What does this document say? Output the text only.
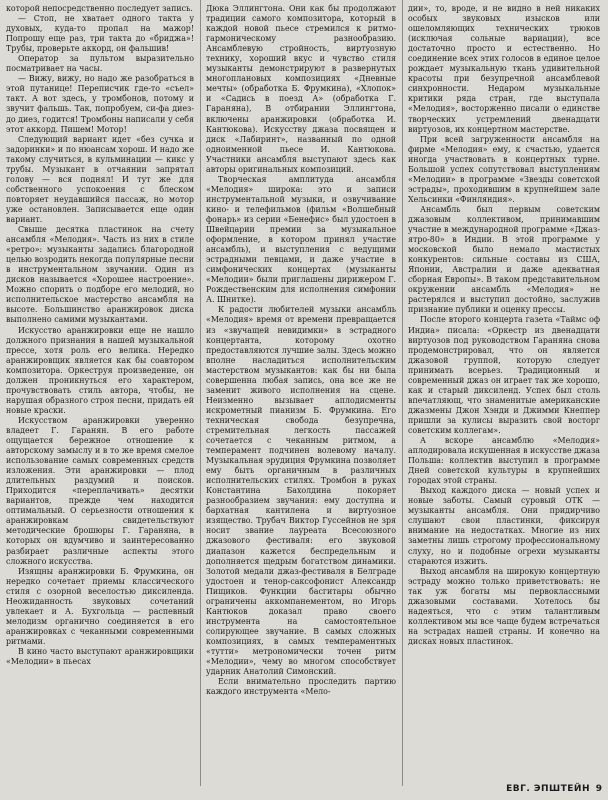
которой непосредственно последует запись.

— Стоп, не хватает одного такта у духовых, куда-то пропал на мажор! Попрошу еще раз, три такта до «бриджа»! Трубы, проверьте аккорд, он фальшив!

Оператор за пультом выразительно посматривает на часы.

— Вижу, вижу, но надо же разобраться в этой путанице! Переписчик где-то «съел» такт. А вот здесь, у тромбонов, потому и звучит фальшь. Так, попробуем, си-фа диез-до диез, годится! Тромбоны написали у себя этот аккорд. Пишем! Мотор!

Следующий вариант идет «без сучка и задоринки» и по нюансам хорош. И надо же такому случиться, в кульминации — кикс у трубы. Музыкант в отчаянии запрятал голову — вся поднял! И тут же для собственного успокоения с блеском повторяет неудавшийся пассаж, но мотор уже остановлен. Записывается еще один вариант.

Свыше десятка пластинок на счету ансамбля «Мелодия». Часть из них в стиле «ретро»: музыканты задались благородной целью возродить некогда популярные песни в инструментальном звучании. Один из дисков называется «Хорошее настроение». Можно спорить о подборе его мелодий, но исполнительское мастерство ансамбля на высоте. Большинство аранжировок диска выполнено самими музыкантами.

Искусство аранжировки еще не нашло должного признания в нашей музыкальной прессе, хотя роль его велика. Нередко аранжировщик является как бы соавтором композитора. Оркеструя произведение, он должен проникнуться его характером, прочувствовать стиль автора, чтобы, не нарушая образного строя песни, придать ей новые краски.

Искусством аранжировки уверенно владеет Г. Гаранян. В его работе ощущается бережное отношение к авторскому замыслу и в то же время смелое использование самых современных средств изложения. Эти аранжировки — плод длительных раздумий и поисков. Приходится «переплачивать» десятки вариантов, прежде чем находится оптимальный. О серьезности отношения к аранжировкам свидетельствуют методические брошюры Г. Гараняна, в которых он вдумчиво и заинтересованно разбирает различные аспекты этого сложного искусства.

Изящны аранжировки Б. Фрумкина, он нередко сочетает приемы классического стиля с озорной веселостью диксиленда. Неожиданность звуковых сочетаний увлекает и А. Бухгольца — рaспевный мелодизм органично соединяется в его аранжировках с чеканными современными ритмами.

В кино часто выступают аранжировщики «Мелодии» в пьесах

Дюка Эллингтона. Они как бы продолжают традиции самого композитора, который в каждой новой пьесе стремился к ритмо-гармоническому разнообразию. Ансамблевую стройность, виртуозную технику, хороший вкус и чувство стиля музыканты демонстрируют в развернутых многоплановых композициях «Дневные мечты» (обработка Б. Фрумкина), «Хлопок» и «Садись в поезд А» (обработка Г. Гараняна), В отбирании Эллингтона, включены аранжировки (обработка И. Кантюкова). Искусству джаза посвящен и диск «Лабиринт», названный по одной одноименной пьесе И. Кантюкова. Участники ансамбля выступают здесь как авторы оригинальных композиций.

Творческая амплитуда ансамбля «Мелодия» широка: это и записи инструментальной музыки, и озвучивание кино- и телефильмов (фильм «Волшебный фонарь» из серии «Бенефис» был удостоен в Швейцарии премии за музыкальное оформление, в котором принял участие ансамбль), и выступления с ведущими эстрадными певцами, и даже участие в симфонических концертах (музыканты «Мелодии» были приглашены дирижером Г. Рождественским для исполнения симфонии А. Шнитке).

К радости любителей музыки ансамбль «Мелодия» время от времени превращается из «звучащей невидимки» в эстрадного концертанта, которому охотно предоставляются лучшие залы. Здесь можно вполне насладиться исполнительским мастерством музыкантов: как бы ни была совершенна любая запись, она все же не заменит живого исполнения на сцене. Неизменно вызывает аплодисменты искрометный пианизм Б. Фрумкина. Его техническая свобода безупречна, стремительная легкость пассажей сочетается с чеканным ритмом, а темперамент подчинен волевому началу. Музыкальная эрудиция Фрумкина позволяет ему быть органичным в различных исполнительских стилях. Тромбон в руках Константина Бахолдина покоряет разнообразием звучания: ему доступна и бархатная кантилена и виртуозное изящество. Трубач Виктор Гуссейнов не зря носит звание лауреата Всесоюзного джазового фестиваля: его звуковой диапазон кажется беспредельным и дополняется щедрым богатством динамики. Золотой медали джаз-фестиваля в Белграде удостоен и тенор-саксофонист Александр Пищиков. Функции басгитары обычно ограничены аккомпанементом, но Игорь Кантюков доказал право своего инструмента на самостоятельное солирующее звучание. В самых сложных композициях, в самых темпераментных «тутти» метрономически точен ритм «Мелодии», чему во многом способствует ударник Анатолий Симонский.

Если внимательно проследить партию каждого инструмента «Мело-

дии», то, вроде, и не видно в ней никаких особых звуковых изысков или ошеломляющих технических трюков (исключая сольные вариации), все достаточно просто и естественно. Но соединение всех этих голосов в единое целое рождает музыкальную ткань удивительной красоты при безупречной ансамблевой синхронности. Недаром музыкальные критики ряда стран, где выступала «Мелодия», восторженно писали о единстве творческих устремлений двенадцати виртуозов, их концертном мастерстве.

При всей загруженности ансамбля на фирме «Мелодия» ему, к счастью, удается иногда участвовать в концертных турне. Большой успех сопутствовал выступлениям «Мелодии» в программе «Звезды советской эстрады», проходившим в крупнейшем зале Хельсинки «Финляндия».

Ансамбль был первым советским джазовым коллективом, принимавшим участие в международной программе «Джаз-ятро-80» в Индии. В этой программе у московской было немало мастистых конкурентов: сильные составы из США, Японии, Австралии и даже адекватная сборная Европы». В таком представительном окружении ансамбль «Мелодия» не растерялся и выступил достойно, заслужив признание публики и оценку прессы.

После второго концерта газета «Таймс оф Индиа» писала: «Оркестр из двенадцати виртуозов под руководством Гараняна снова продемонстрировал, что он является джазовой группой, которую следует принимать всерьез. Традиционный и современный джаз он играет так же хорошо, как и старый диксиленд. Успех был столь впечатляющ, что знаменитые американские джазмены Джон Хэнди и Джимми Кнеппер пришли за кулисы выразить свой восторг советским коллегам».

А вскоре ансамблю «Мелодия» аплодировала искушенная в искусстве джаза Польша: коллектив выступил в программе Дней советской культуры в крупнейших городах этой страны.

Выход каждого диска — новый успех и новые заботы. Самый суровый ОТК — музыканты ансамбля. Они придирчиво слушают свои пластинки, фиксируя внимание на недостатках. Многие из них заметны лишь строгому профессиональному слуху, но и подобные огрехи музыканты стараются изжить.

Выход ансамбля на широкую концертную эстраду можно только приветствовать: не так уж богаты мы первоклассными джазовыми составами. Хотелось бы надеяться, что с этим талантливым коллективом мы все чаще будем встречаться на эстрадах нашей страны. И конечно на дисках новых пластинок.

ЕВГ. ЭПШТЕЙН 9
